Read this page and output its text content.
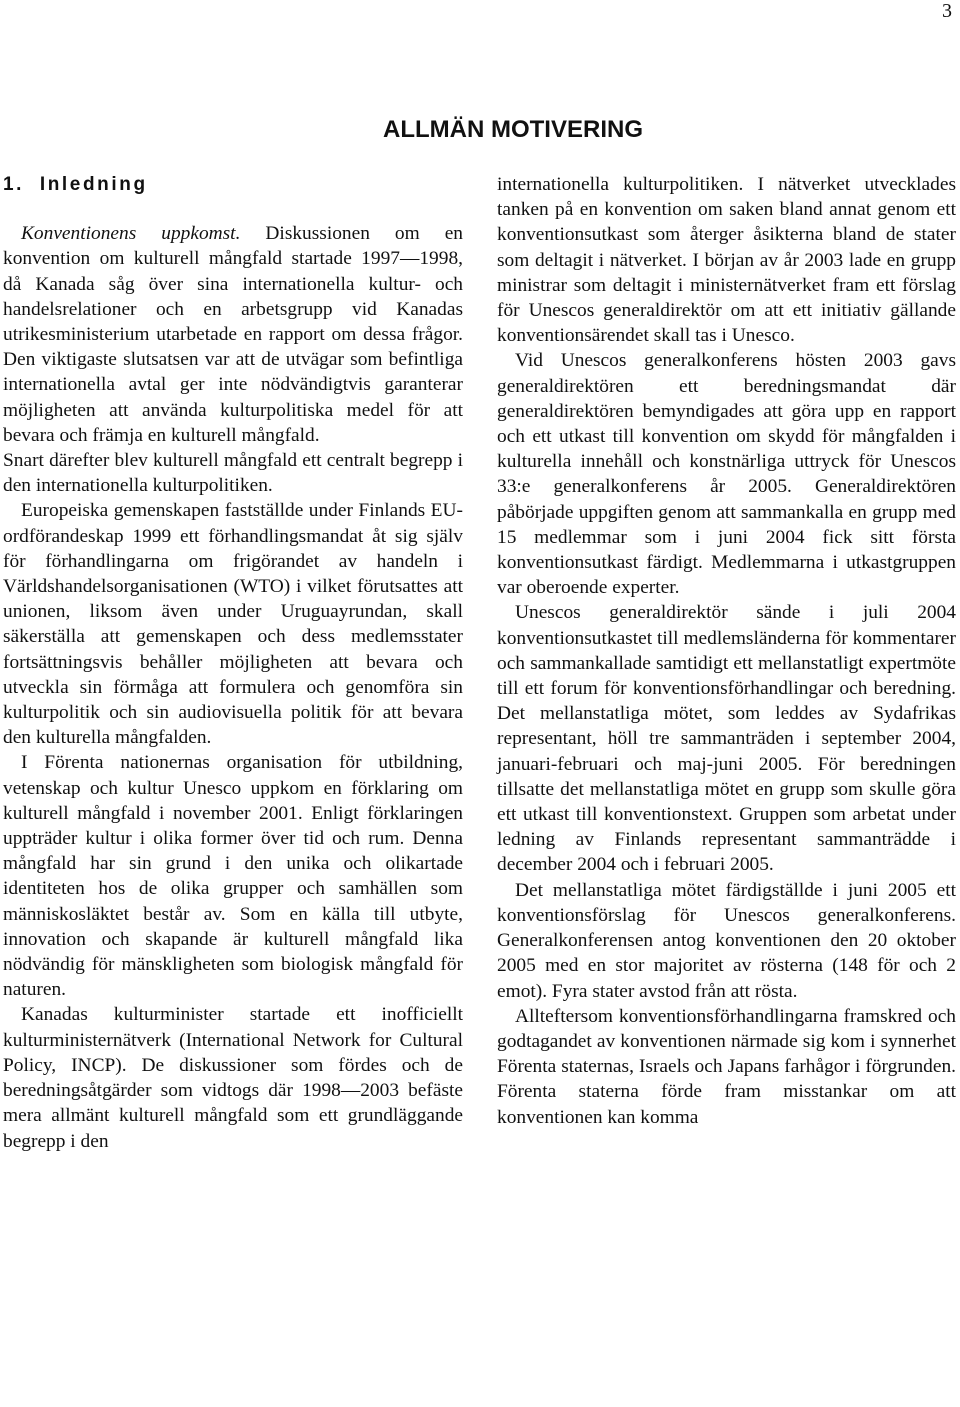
3
ALLMÄN MOTIVERING
1. Inledning

Konventionens uppkomst. Diskussionen om en konvention om kulturell mångfald startade 1997—1998, då Kanada såg över sina internationella kultur- och handelsrelationer och en arbetsgrupp vid Kanadas utrikesministerium utarbetade en rapport om dessa frågor. Den viktigaste slutsatsen var att de utvägar som befintliga internationella avtal ger inte nödvändigtvis garanterar möjligheten att använda kulturpolitiska medel för att bevara och främja en kulturell mångfald.

Snart därefter blev kulturell mångfald ett centralt begrepp i den internationella kulturpolitiken.

Europeiska gemenskapen fastställde under Finlands EU-ordförandeskap 1999 ett förhandlingsmandat åt sig själv för förhandlingarna om frigörandet av handeln i Världshandelsorganisationen (WTO) i vilket förutsattes att unionen, liksom även under Uruguayrundan, skall säkerställa att gemenskapen och dess medlemsstater fortsättningsvis behåller möjligheten att bevara och utveckla sin förmåga att formulera och genomföra sin kulturpolitik och sin audiovisuella politik för att bevara den kulturella mångfalden.

I Förenta nationernas organisation för utbildning, vetenskap och kultur Unesco uppkom en förklaring om kulturell mångfald i november 2001. Enligt förklaringen uppträder kultur i olika former över tid och rum. Denna mångfald har sin grund i den unika och olikartade identiteten hos de olika grupper och samhällen som människosläktet består av. Som en källa till utbyte, innovation och skapande är kulturell mångfald lika nödvändig för mänskligheten som biologisk mångfald för naturen.

Kanadas kulturminister startade ett inofficiellt kulturministernätverk (International Network for Cultural Policy, INCP). De diskussioner som fördes och de beredningsåtgärder som vidtogs där 1998—2003 befäste mera allmänt kulturell mångfald som ett grundläggande begrepp i den

internationella kulturpolitiken. I nätverket utvecklades tanken på en konvention om saken bland annat genom ett konventionsutkast som återger åsikterna bland de stater som deltagit i nätverket. I början av år 2003 lade en grupp ministrar som deltagit i ministernätverket fram ett förslag för Unescos generaldirektör om att ett initiativ gällande konventionsärendet skall tas i Unesco.

Vid Unescos generalkonferens hösten 2003 gavs generaldirektören ett beredningsmandat där generaldirektören bemyndigades att göra upp en rapport och ett utkast till konvention om skydd för mångfalden i kulturella innehåll och konstnärliga uttryck för Unescos 33:e generalkonferens år 2005. Generaldirektören påbörjade uppgiften genom att sammankalla en grupp med 15 medlemmar som i juni 2004 fick sitt första konventionsutkast färdigt. Medlemmarna i utkastgruppen var oberoende experter.

Unescos generaldirektör sände i juli 2004 konventionsutkastet till medlemsländerna för kommentarer och sammankallade samtidigt ett mellanstatligt expertmöte till ett forum för konventionsförhandlingar och beredning. Det mellanstatliga mötet, som leddes av Sydafrikas representant, höll tre sammanträden i september 2004, januari-februari och maj-juni 2005. För beredningen tillsatte det mellanstatliga mötet en grupp som skulle göra ett utkast till konventionstext. Gruppen som arbetat under ledning av Finlands representant sammanträdde i december 2004 och i februari 2005.

Det mellanstatliga mötet färdigställde i juni 2005 ett konventionsförslag för Unescos generalkonferens. Generalkonferensen antog konventionen den 20 oktober 2005 med en stor majoritet av rösterna (148 för och 2 emot). Fyra stater avstod från att rösta.

Allteftersom konventionsförhandlingarna framskred och godtagandet av konventionen närmade sig kom i synnerhet Förenta staternas, Israels och Japans farhågor i förgrunden. Förenta staterna förde fram misstankar om att konventionen kan komma
